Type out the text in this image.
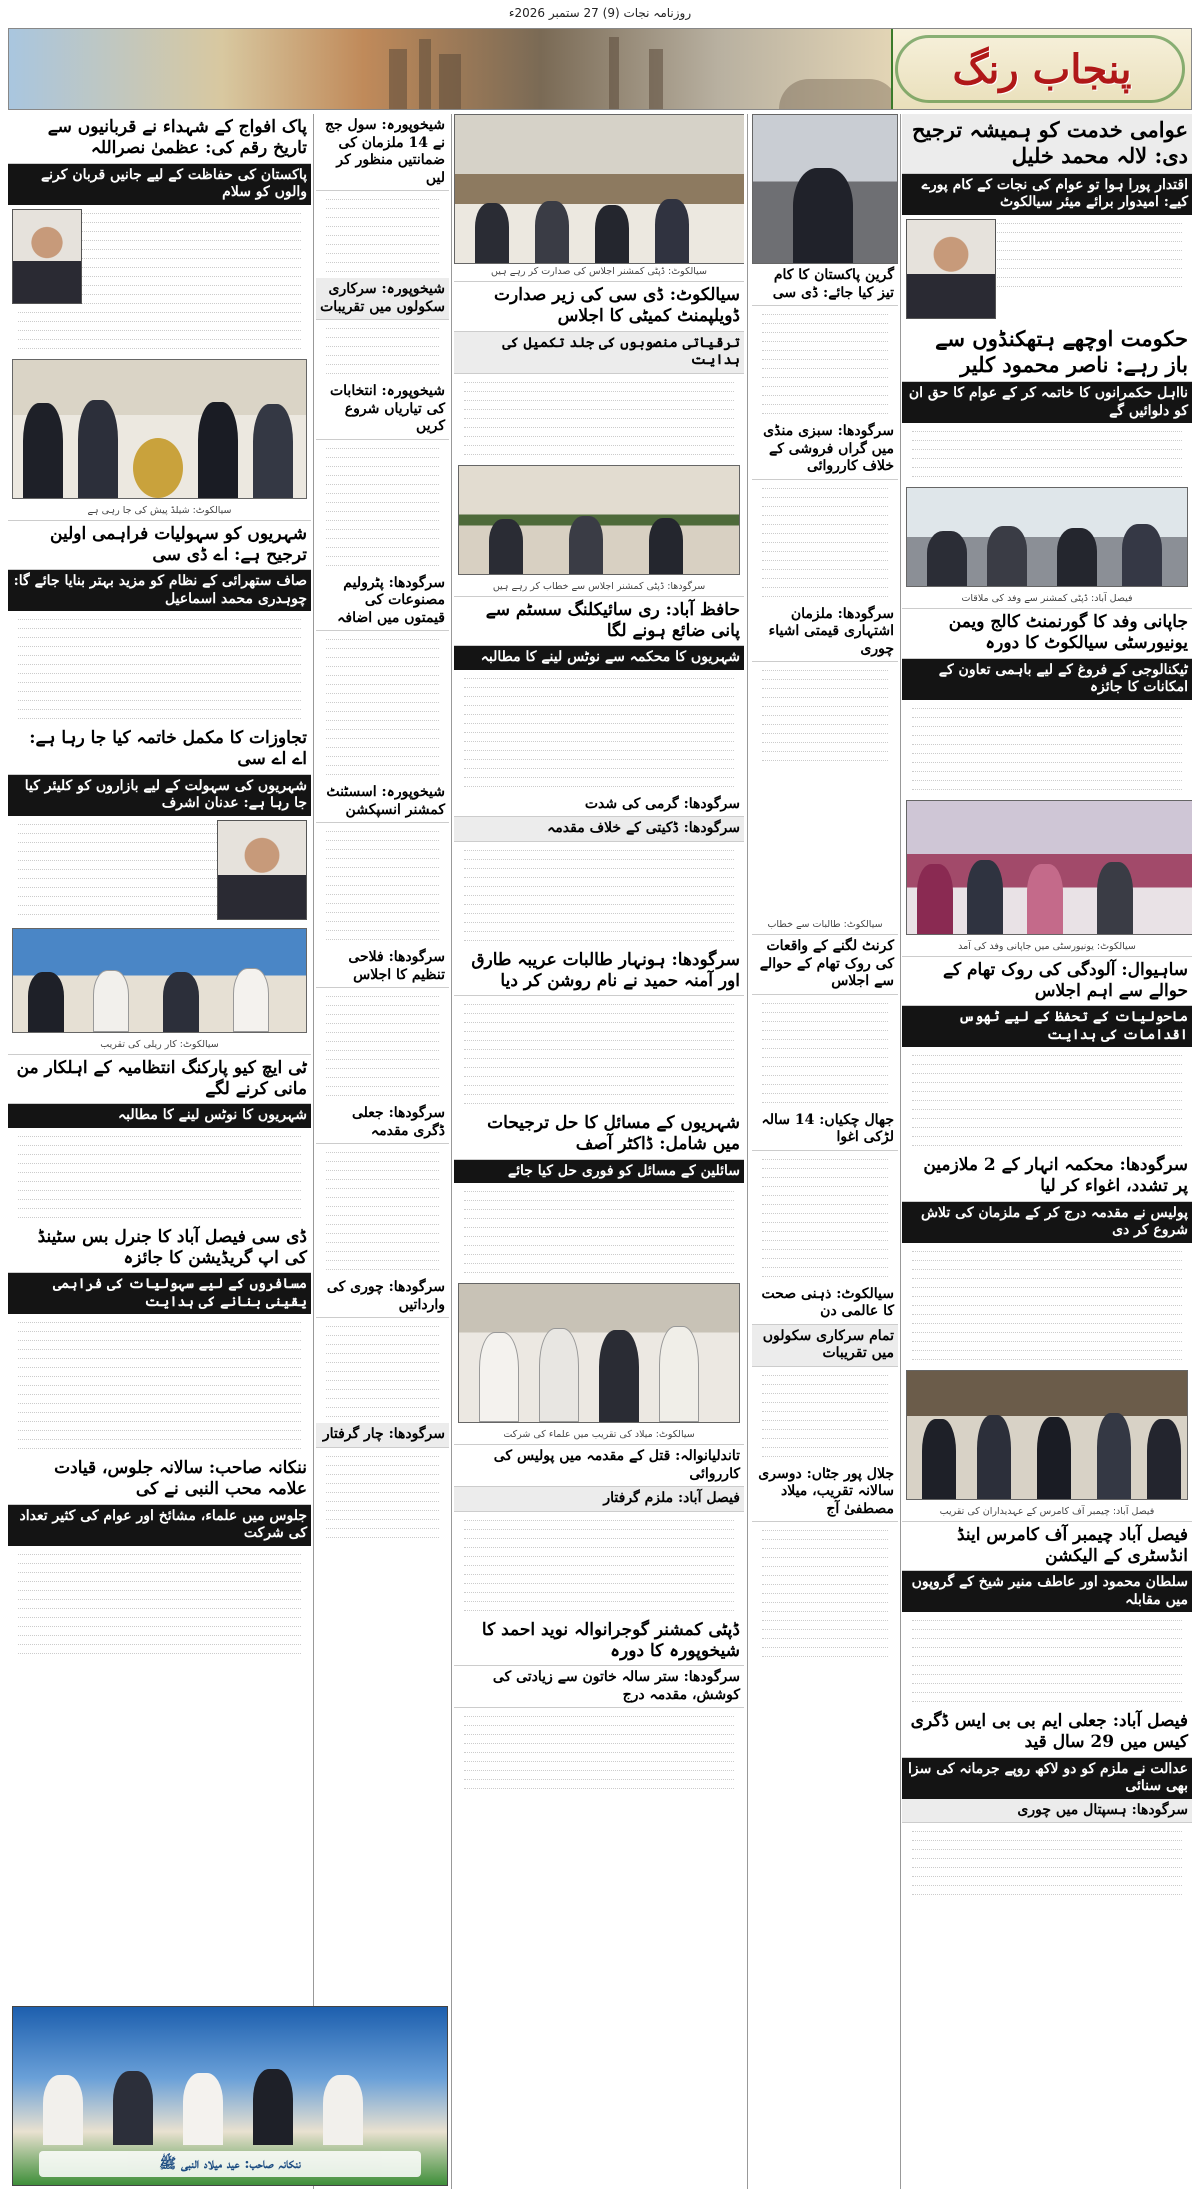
روزنامہ نجات (9) 27 ستمبر 2026ء
پنجاب رنگ
عوامی خدمت کو ہمیشہ ترجیح دی: لالہ محمد خلیل
اقتدار پورا ہوا تو عوام کی نجات کے کام پورے کیے: امیدوار برائے میئر سیالکوٹ
حکومت اوچھے ہتھکنڈوں سے باز رہے: ناصر محمود کلیر
نااہل حکمرانوں کا خاتمہ کر کے عوام کا حق ان کو دلوائیں گے
فیصل آباد: ڈپٹی کمشنر سے وفد کی ملاقات
جاپانی وفد کا گورنمنٹ کالج ویمن یونیورسٹی سیالکوٹ کا دورہ
ٹیکنالوجی کے فروغ کے لیے باہمی تعاون کے امکانات کا جائزہ
سیالکوٹ: یونیورسٹی میں جاپانی وفد کی آمد
ساہیوال: آلودگی کی روک تھام کے حوالے سے اہم اجلاس
ماحولیات کے تحفظ کے لیے ٹھوس اقدامات کی ہدایت
سرگودھا: محکمہ انہار کے 2 ملازمین پر تشدد، اغواء کر لیا
پولیس نے مقدمہ درج کر کے ملزمان کی تلاش شروع کر دی
فیصل آباد: چیمبر آف کامرس کے عہدیداران کی تقریب
فیصل آباد چیمبر آف کامرس اینڈ انڈسٹری کے الیکشن
سلطان محمود اور عاطف منیر شیخ کے گروپوں میں مقابلہ
فیصل آباد: جعلی ایم بی بی ایس ڈگری کیس میں 29 سال قید
عدالت نے ملزم کو دو لاکھ روپے جرمانہ کی سزا بھی سنائی
سرگودھا: ہسپتال میں چوری
گرین پاکستان کا کام تیز کیا جائے: ڈی سی
سرگودھا: سبزی منڈی میں گراں فروشی کے خلاف کارروائی
سرگودھا: ملزمان اشتہاری قیمتی اشیاء چوری
سیالکوٹ: طالبات سے خطاب
کرنٹ لگنے کے واقعات کی روک تھام کے حوالے سے اجلاس
جھال چکیاں: 14 سالہ لڑکی اغوا
سیالکوٹ: ذہنی صحت کا عالمی دن
تمام سرکاری سکولوں میں تقریبات
جلال پور جٹاں: دوسری سالانہ تقریب، میلاد مصطفیٰ آج
سیالکوٹ: ڈپٹی کمشنر اجلاس کی صدارت کر رہے ہیں
سیالکوٹ: ڈی سی کی زیر صدارت ڈویلپمنٹ کمیٹی کا اجلاس
ترقیاتی منصوبوں کی جلد تکمیل کی ہدایت
سرگودھا: ڈپٹی کمشنر اجلاس سے خطاب کر رہے ہیں
حافظ آباد: ری سائیکلنگ سسٹم سے پانی ضائع ہونے لگا
شہریوں کا محکمہ سے نوٹس لینے کا مطالبہ
سرگودھا: گرمی کی شدت
سرگودھا: ڈکیتی کے خلاف مقدمہ
سرگودھا: ہونہار طالبات عریبہ طارق اور آمنہ حمید نے نام روشن کر دیا
شہریوں کے مسائل کا حل ترجیحات میں شامل: ڈاکٹر آصف
سائلین کے مسائل کو فوری حل کیا جائے
سیالکوٹ: میلاد کی تقریب میں علماء کی شرکت
تاندلیانوالہ: قتل کے مقدمہ میں پولیس کی کارروائی
فیصل آباد: ملزم گرفتار
ڈپٹی کمشنر گوجرانوالہ نوید احمد کا شیخوپورہ کا دورہ
سرگودھا: ستر سالہ خاتون سے زیادتی کی کوشش، مقدمہ درج
شیخوپورہ: سول جج نے 14 ملزمان کی ضمانتیں منظور کر لیں
شیخوپورہ: سرکاری سکولوں میں تقریبات
شیخوپورہ: انتخابات کی تیاریاں شروع کریں
سرگودھا: پٹرولیم مصنوعات کی قیمتوں میں اضافہ
شیخوپورہ: اسسٹنٹ کمشنر انسپکشن
سرگودھا: فلاحی تنظیم کا اجلاس
سرگودھا: جعلی ڈگری مقدمہ
سرگودھا: چوری کی وارداتیں
سرگودھا: چار گرفتار
پاک افواج کے شہداء نے قربانیوں سے تاریخ رقم کی: عظمیٰ نصراللہ
پاکستان کی حفاظت کے لیے جانیں قربان کرنے والوں کو سلام
سیالکوٹ: شیلڈ پیش کی جا رہی ہے
شہریوں کو سہولیات فراہمی اولین ترجیح ہے: اے ڈی سی
صاف ستھرائی کے نظام کو مزید بہتر بنایا جائے گا: چوہدری محمد اسماعیل
تجاوزات کا مکمل خاتمہ کیا جا رہا ہے: اے اے سی
شہریوں کی سہولت کے لیے بازاروں کو کلیئر کیا جا رہا ہے: عدنان اشرف
سیالکوٹ: کار ریلی کی تقریب
ٹی ایچ کیو پارکنگ انتظامیہ کے اہلکار من مانی کرنے لگے
شہریوں کا نوٹس لینے کا مطالبہ
ڈی سی فیصل آباد کا جنرل بس سٹینڈ کی اپ گریڈیشن کا جائزہ
مسافروں کے لیے سہولیات کی فراہمی یقینی بنانے کی ہدایت
ننکانہ صاحب: سالانہ جلوس، قیادت علامہ محب النبی نے کی
جلوس میں علماء، مشائخ اور عوام کی کثیر تعداد کی شرکت
ننکانہ صاحب: عید میلاد النبی ﷺ
